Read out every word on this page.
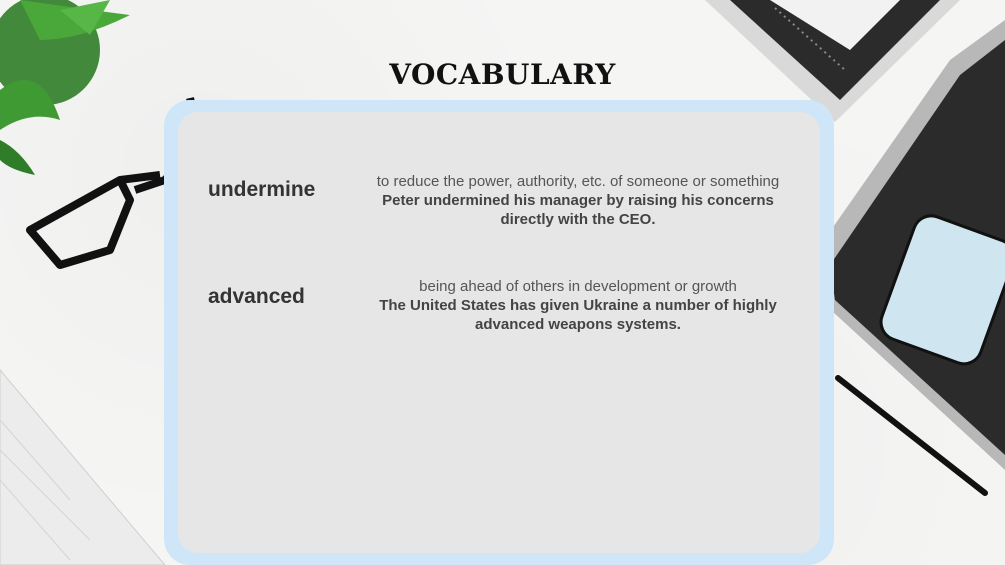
VOCABULARY
undermine	to reduce the power, authority, etc. of someone or something
Peter undermined his manager by raising his concerns directly with the CEO.
advanced	being ahead of others in development or growth
The United States has given Ukraine a number of highly advanced weapons systems.
